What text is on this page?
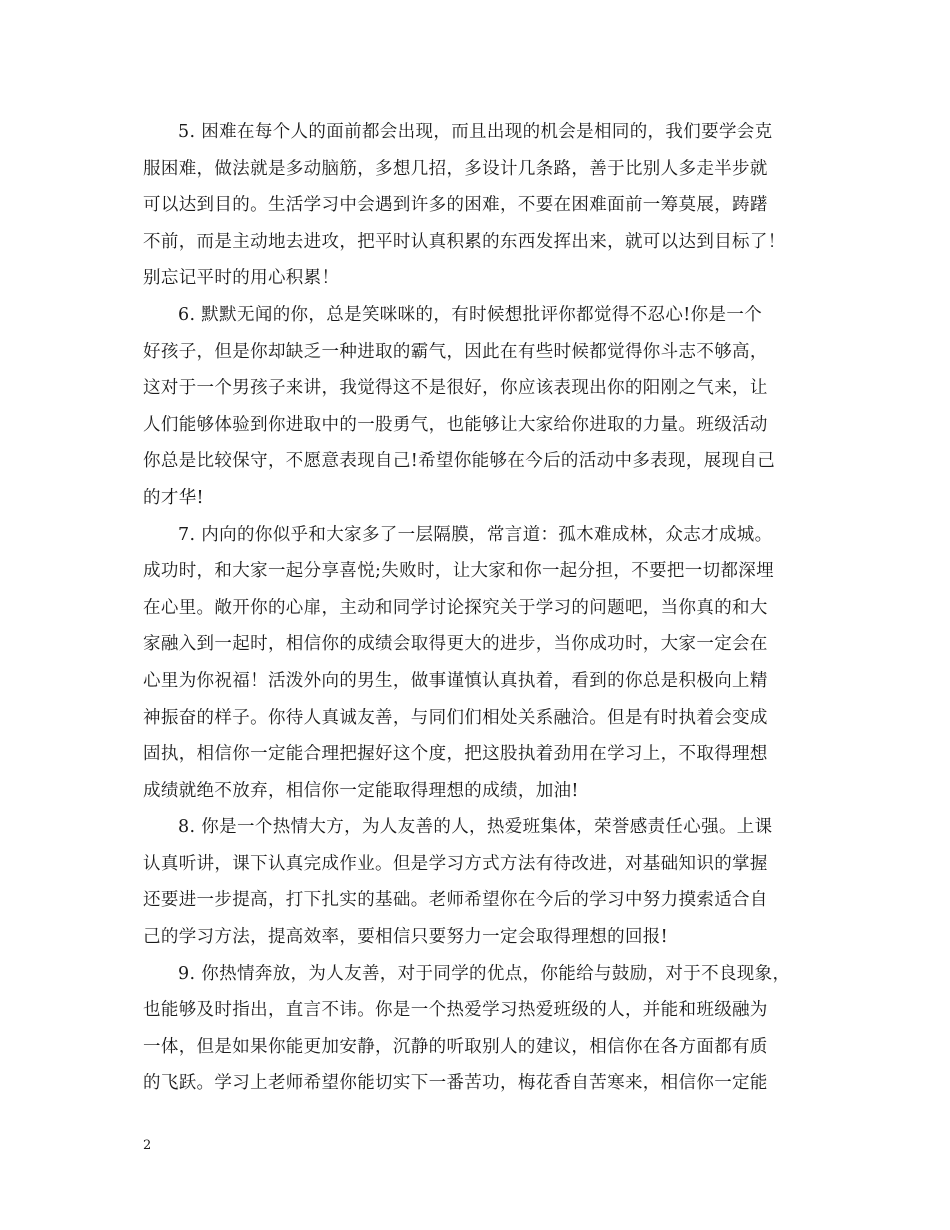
5. 困难在每个人的面前都会出现，而且出现的机会是相同的，我们要学会克
服困难，做法就是多动脑筋，多想几招，多设计几条路，善于比别人多走半步就
可以达到目的。生活学习中会遇到许多的困难，不要在困难面前一筹莫展，踌躇
不前，而是主动地去进攻，把平时认真积累的东西发挥出来，就可以达到目标了！
别忘记平时的用心积累！
6. 默默无闻的你，总是笑咪咪的，有时候想批评你都觉得不忍心!你是一个
好孩子，但是你却缺乏一种进取的霸气，因此在有些时候都觉得你斗志不够高，
这对于一个男孩子来讲，我觉得这不是很好，你应该表现出你的阳刚之气来，让
人们能够体验到你进取中的一股勇气，也能够让大家给你进取的力量。班级活动
你总是比较保守，不愿意表现自己!希望你能够在今后的活动中多表现，展现自己
的才华!
7. 内向的你似乎和大家多了一层隔膜，常言道：孤木难成林，众志才成城。
成功时，和大家一起分享喜悦;失败时，让大家和你一起分担，不要把一切都深埋
在心里。敞开你的心扉，主动和同学讨论探究关于学习的问题吧，当你真的和大
家融入到一起时，相信你的成绩会取得更大的进步，当你成功时，大家一定会在
心里为你祝福！活泼外向的男生，做事谨慎认真执着，看到的你总是积极向上精
神振奋的样子。你待人真诚友善，与同们们相处关系融洽。但是有时执着会变成
固执，相信你一定能合理把握好这个度，把这股执着劲用在学习上，不取得理想
成绩就绝不放弃，相信你一定能取得理想的成绩，加油!
8. 你是一个热情大方，为人友善的人，热爱班集体，荣誉感责任心强。上课
认真听讲，课下认真完成作业。但是学习方式方法有待改进，对基础知识的掌握
还要进一步提高，打下扎实的基础。老师希望你在今后的学习中努力摸索适合自
己的学习方法，提高效率，要相信只要努力一定会取得理想的回报!
9. 你热情奔放，为人友善，对于同学的优点，你能给与鼓励，对于不良现象，
也能够及时指出，直言不讳。你是一个热爱学习热爱班级的人，并能和班级融为
一体，但是如果你能更加安静，沉静的听取别人的建议，相信你在各方面都有质
的飞跃。学习上老师希望你能切实下一番苦功，梅花香自苦寒来，相信你一定能
2
